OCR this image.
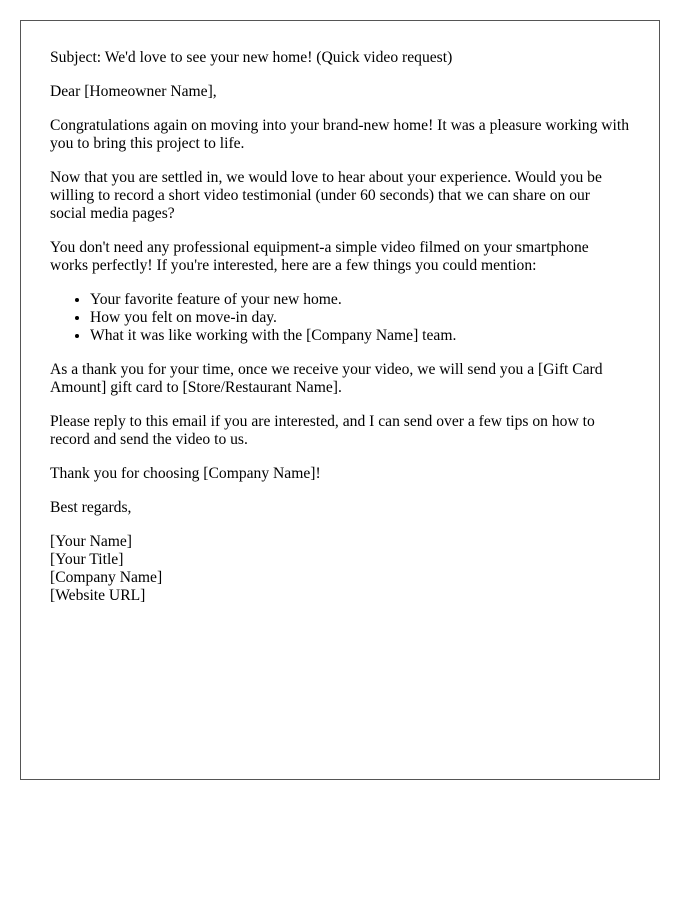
Subject: We'd love to see your new home! (Quick video request)

Dear [Homeowner Name],

Congratulations again on moving into your brand-new home! It was a pleasure working with you to bring this project to life.

Now that you are settled in, we would love to hear about your experience. Would you be willing to record a short video testimonial (under 60 seconds) that we can share on our social media pages?

You don't need any professional equipment-a simple video filmed on your smartphone works perfectly! If you're interested, here are a few things you could mention:

• Your favorite feature of your new home.
• How you felt on move-in day.
• What it was like working with the [Company Name] team.

As a thank you for your time, once we receive your video, we will send you a [Gift Card Amount] gift card to [Store/Restaurant Name].

Please reply to this email if you are interested, and I can send over a few tips on how to record and send the video to us.

Thank you for choosing [Company Name]!

Best regards,

[Your Name]
[Your Title]
[Company Name]
[Website URL]
